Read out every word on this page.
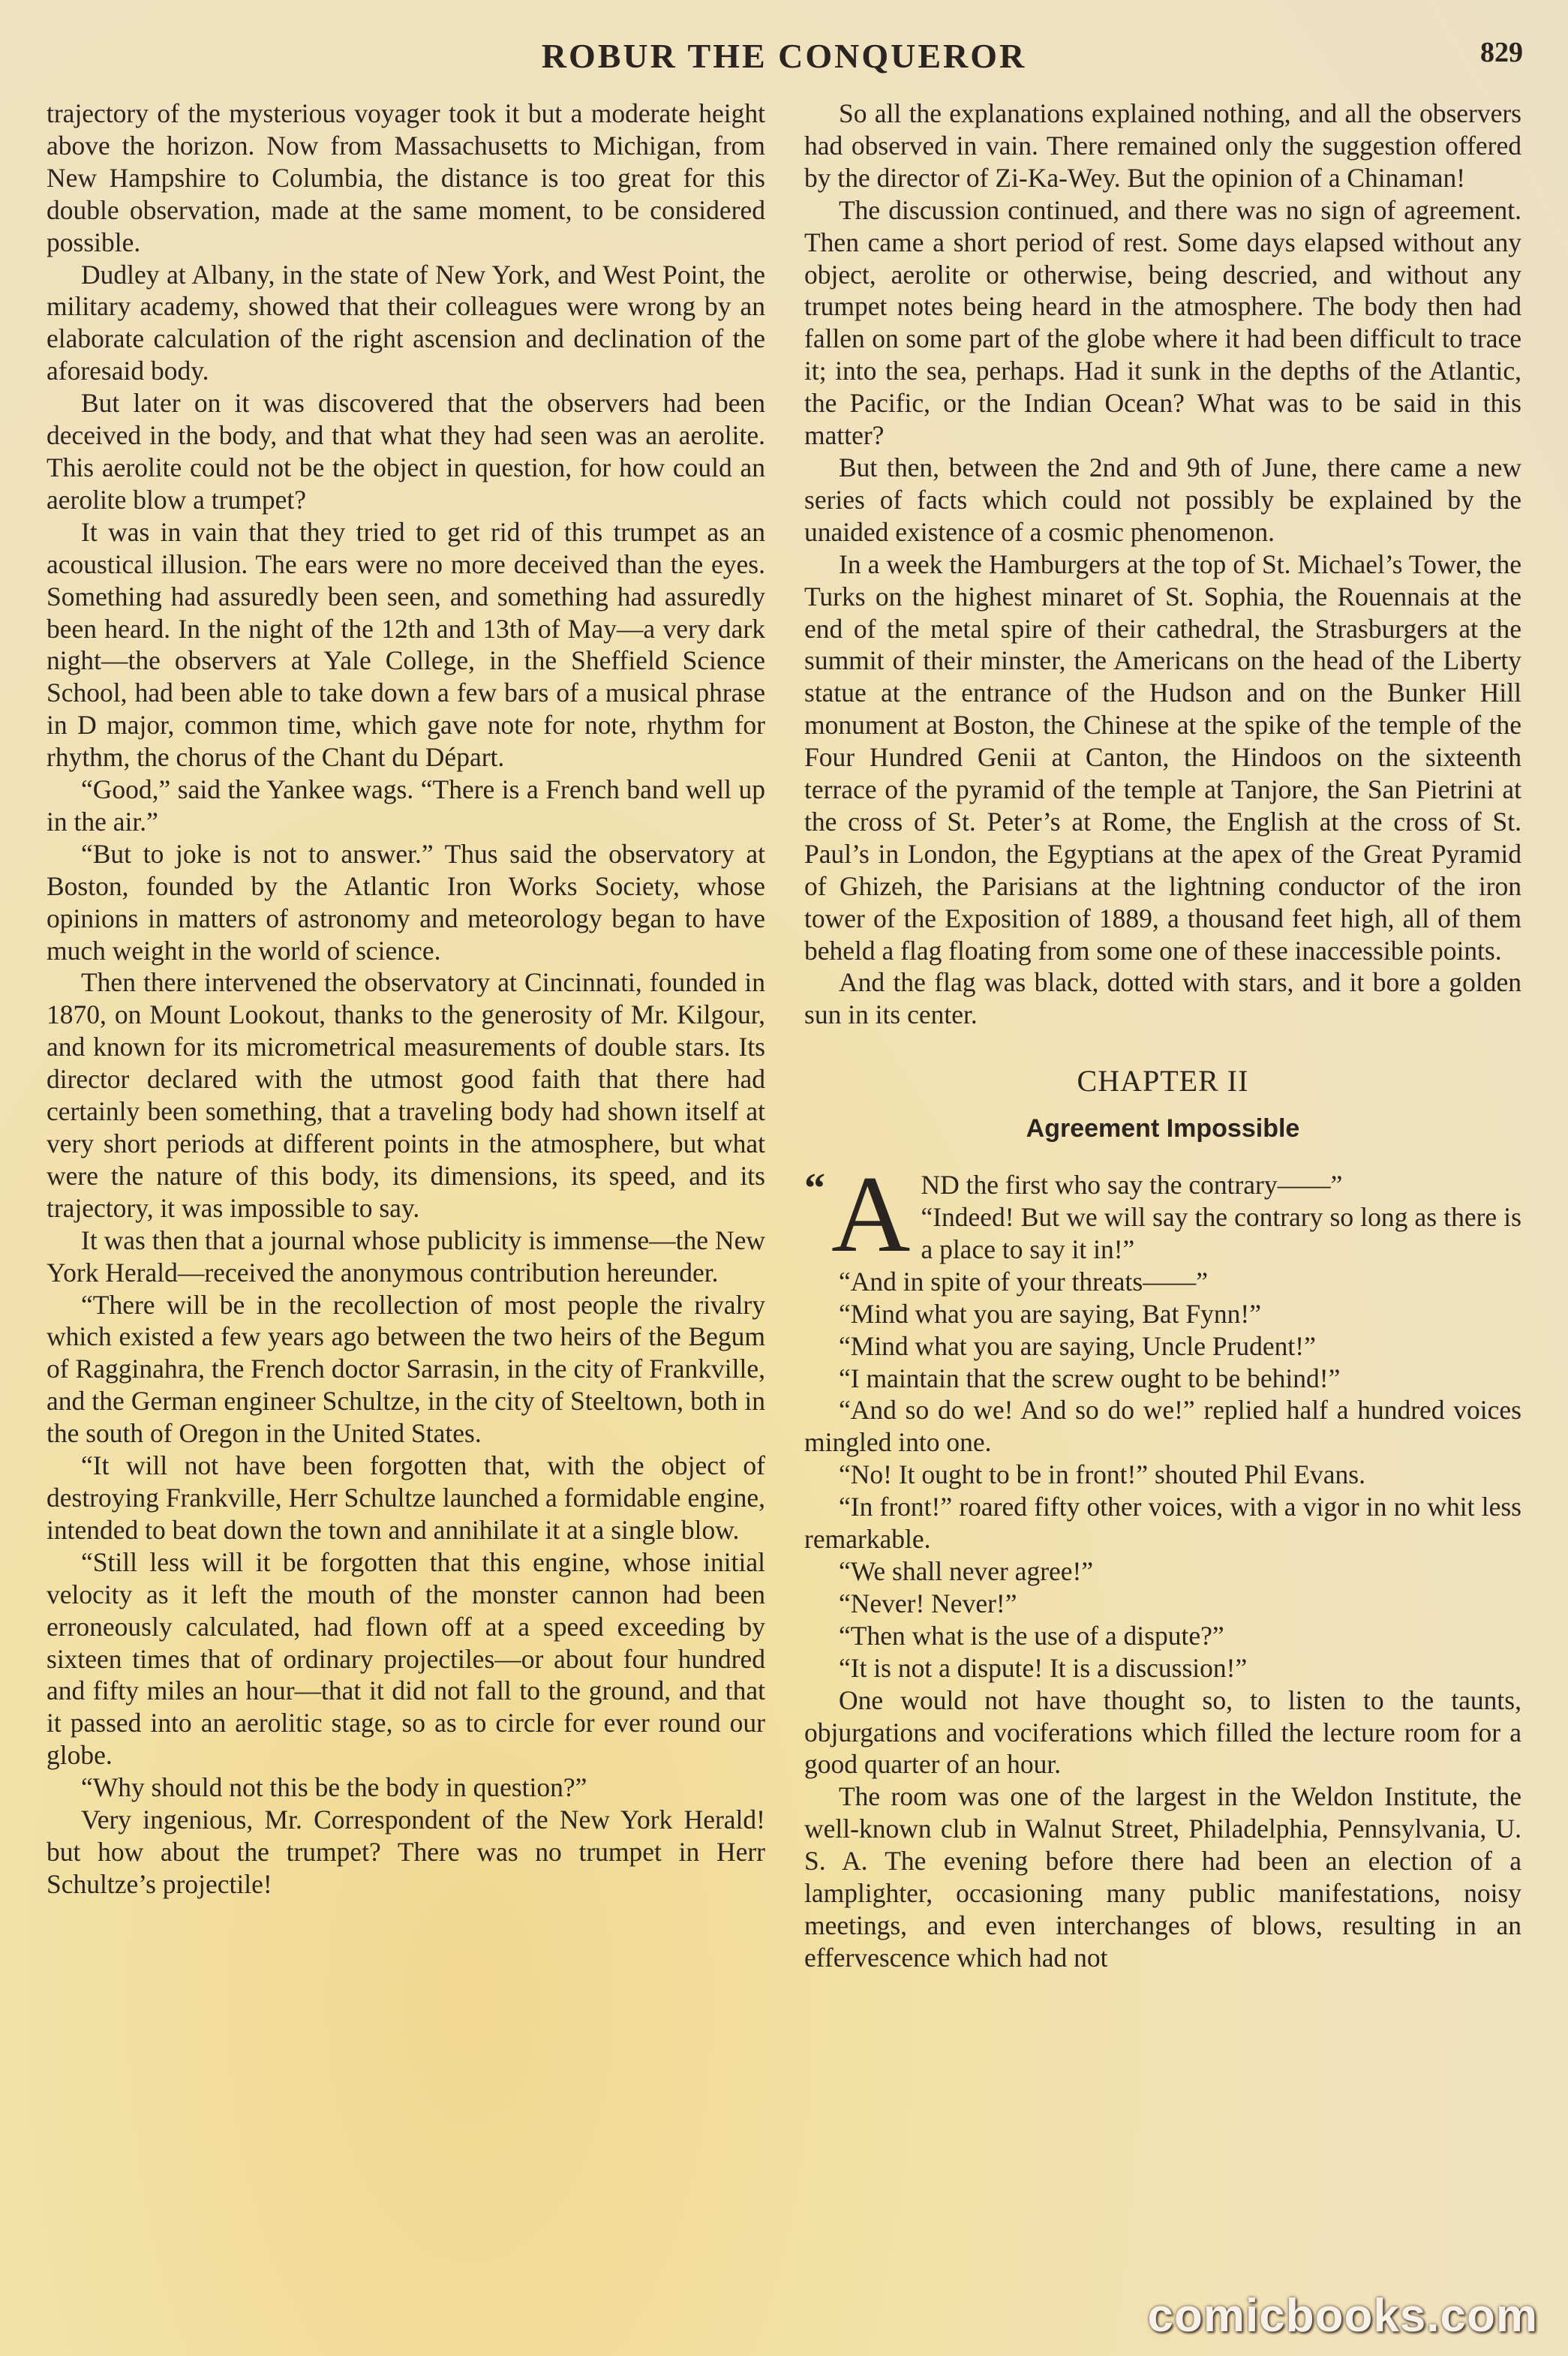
ROBUR THE CONQUEROR	829

trajectory of the mysterious voyager took it but a moderate height above the horizon. Now from Massachusetts to Michigan, from New Hampshire to Columbia, the distance is too great for this double observation, made at the same moment, to be considered possible.

Dudley at Albany, in the state of New York, and West Point, the military academy, showed that their colleagues were wrong by an elaborate calculation of the right ascension and declination of the aforesaid body.

But later on it was discovered that the observers had been deceived in the body, and that what they had seen was an aerolite. This aerolite could not be the object in question, for how could an aerolite blow a trumpet?

It was in vain that they tried to get rid of this trumpet as an acoustical illusion. The ears were no more deceived than the eyes. Something had assuredly been seen, and something had assuredly been heard. In the night of the 12th and 13th of May—a very dark night—the observers at Yale College, in the Sheffield Science School, had been able to take down a few bars of a musical phrase in D major, common time, which gave note for note, rhythm for rhythm, the chorus of the Chant du Départ.

“Good,” said the Yankee wags. “There is a French band well up in the air.”

“But to joke is not to answer.” Thus said the observatory at Boston, founded by the Atlantic Iron Works Society, whose opinions in matters of astronomy and meteorology began to have much weight in the world of science.

Then there intervened the observatory at Cincinnati, founded in 1870, on Mount Lookout, thanks to the generosity of Mr. Kilgour, and known for its micrometrical measurements of double stars. Its director declared with the utmost good faith that there had certainly been something, that a traveling body had shown itself at very short periods at different points in the atmosphere, but what were the nature of this body, its dimensions, its speed, and its trajectory, it was impossible to say.

It was then that a journal whose publicity is immense—the New York Herald—received the anonymous contribution hereunder.

“There will be in the recollection of most people the rivalry which existed a few years ago between the two heirs of the Begum of Ragginahra, the French doctor Sarrasin, in the city of Frankville, and the German engineer Schultze, in the city of Steeltown, both in the south of Oregon in the United States.

“It will not have been forgotten that, with the object of destroying Frankville, Herr Schultze launched a formidable engine, intended to beat down the town and annihilate it at a single blow.

“Still less will it be forgotten that this engine, whose initial velocity as it left the mouth of the monster cannon had been erroneously calculated, had flown off at a speed exceeding by sixteen times that of ordinary projectiles—or about four hundred and fifty miles an hour—that it did not fall to the ground, and that it passed into an aerolitic stage, so as to circle for ever round our globe.

“Why should not this be the body in question?”

Very ingenious, Mr. Correspondent of the New York Herald! but how about the trumpet? There was no trumpet in Herr Schultze’s projectile!

So all the explanations explained nothing, and all the observers had observed in vain. There remained only the suggestion offered by the director of Zi-Ka-Wey. But the opinion of a Chinaman!

The discussion continued, and there was no sign of agreement. Then came a short period of rest. Some days elapsed without any object, aerolite or otherwise, being descried, and without any trumpet notes being heard in the atmosphere. The body then had fallen on some part of the globe where it had been difficult to trace it; into the sea, perhaps. Had it sunk in the depths of the Atlantic, the Pacific, or the Indian Ocean? What was to be said in this matter?

But then, between the 2nd and 9th of June, there came a new series of facts which could not possibly be explained by the unaided existence of a cosmic phenomenon.

In a week the Hamburgers at the top of St. Michael’s Tower, the Turks on the highest minaret of St. Sophia, the Rouennais at the end of the metal spire of their cathedral, the Strasburgers at the summit of their minster, the Americans on the head of the Liberty statue at the entrance of the Hudson and on the Bunker Hill monument at Boston, the Chinese at the spike of the temple of the Four Hundred Genii at Canton, the Hindoos on the sixteenth terrace of the pyramid of the temple at Tanjore, the San Pietrini at the cross of St. Peter’s at Rome, the English at the cross of St. Paul’s in London, the Egyptians at the apex of the Great Pyramid of Ghizeh, the Parisians at the lightning conductor of the iron tower of the Exposition of 1889, a thousand feet high, all of them beheld a flag floating from some one of these inaccessible points.

And the flag was black, dotted with stars, and it bore a golden sun in its center.

CHAPTER II
Agreement Impossible

“ A ND the first who say the contrary——”
“Indeed! But we will say the contrary so long as there is a place to say it in!”

“And in spite of your threats——”

“Mind what you are saying, Bat Fynn!”

“Mind what you are saying, Uncle Prudent!”

“I maintain that the screw ought to be behind!”

“And so do we! And so do we!” replied half a hundred voices mingled into one.

“No! It ought to be in front!” shouted Phil Evans.

“In front!” roared fifty other voices, with a vigor in no whit less remarkable.

“We shall never agree!”

“Never! Never!”

“Then what is the use of a dispute?”

“It is not a dispute! It is a discussion!”

One would not have thought so, to listen to the taunts, objurgations and vociferations which filled the lecture room for a good quarter of an hour.

The room was one of the largest in the Weldon Institute, the well-known club in Walnut Street, Philadelphia, Pennsylvania, U. S. A. The evening before there had been an election of a lamplighter, occasioning many public manifestations, noisy meetings, and even interchanges of blows, resulting in an effervescence which had not

comicbooks.com
